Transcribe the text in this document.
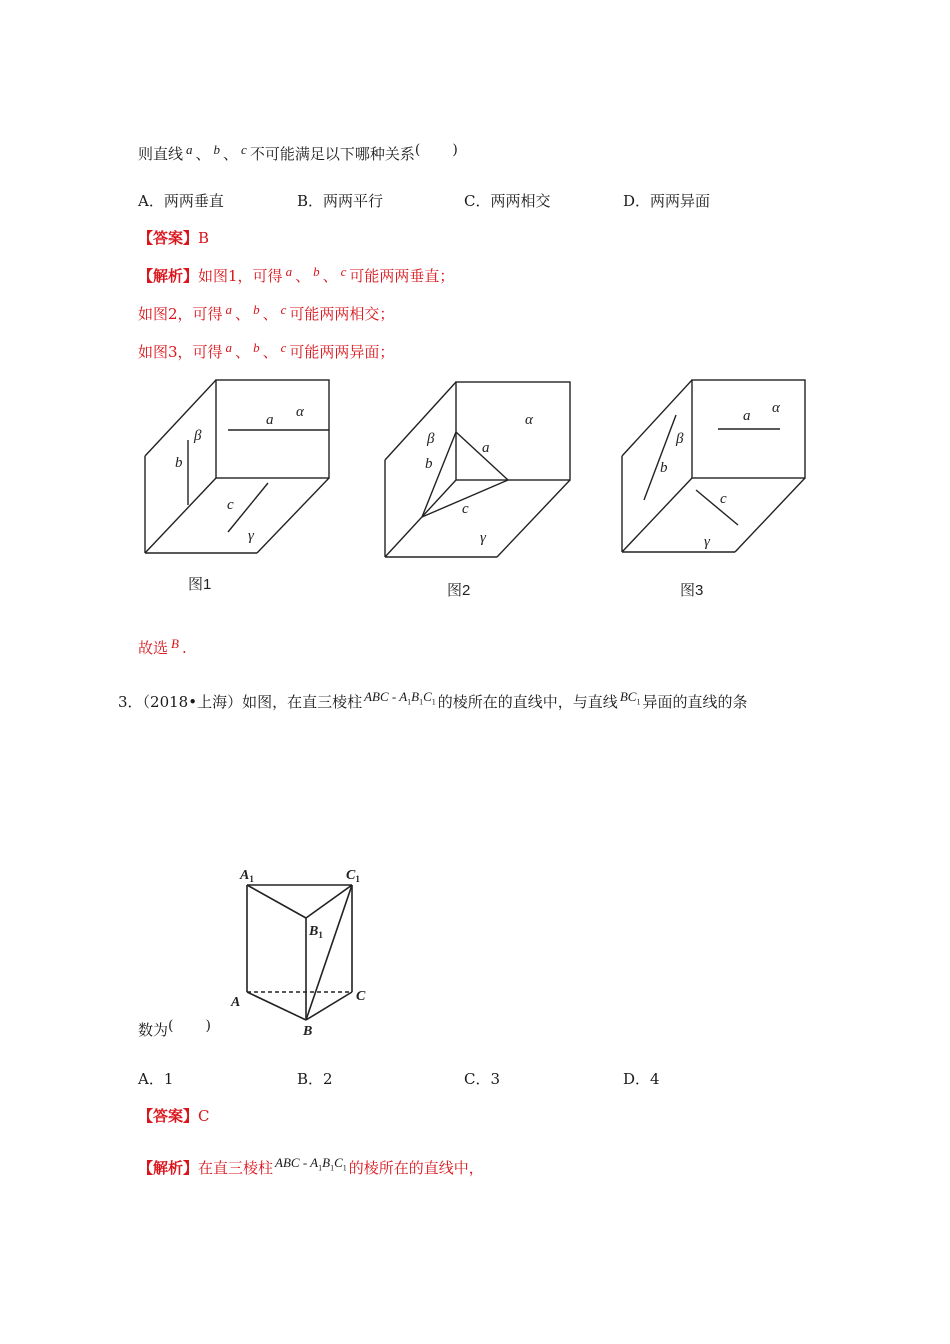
则直线 a 、 b 、 c 不可能满足以下哪种关系( )
A．两两垂直	B．两两平行	C．两两相交	D．两两异面
【答案】B
【解析】如图1，可得 a 、 b 、 c 可能两两垂直；
如图2，可得 a 、 b 、 c 可能两两相交；
如图3，可得 a 、 b 、 c 可能两两异面；
α
a
β
b
c
γ
α
a
β
b
c
γ
α
a
β
b
c
γ
图1	图2	图3
故选 B .
3．（2018•上海）如图，在直三棱柱 ABC - $A_1B_1C_1$ 的棱所在的直线中，与直线 $BC_1$ 异面的直线的条
$A_1$	$C_1$
$B_1$
A	C
B
数为( )
A．1	B．2	C．3	D．4
【答案】C
【解析】在直三棱柱 ABC - $A_1B_1C_1$ 的棱所在的直线中，
